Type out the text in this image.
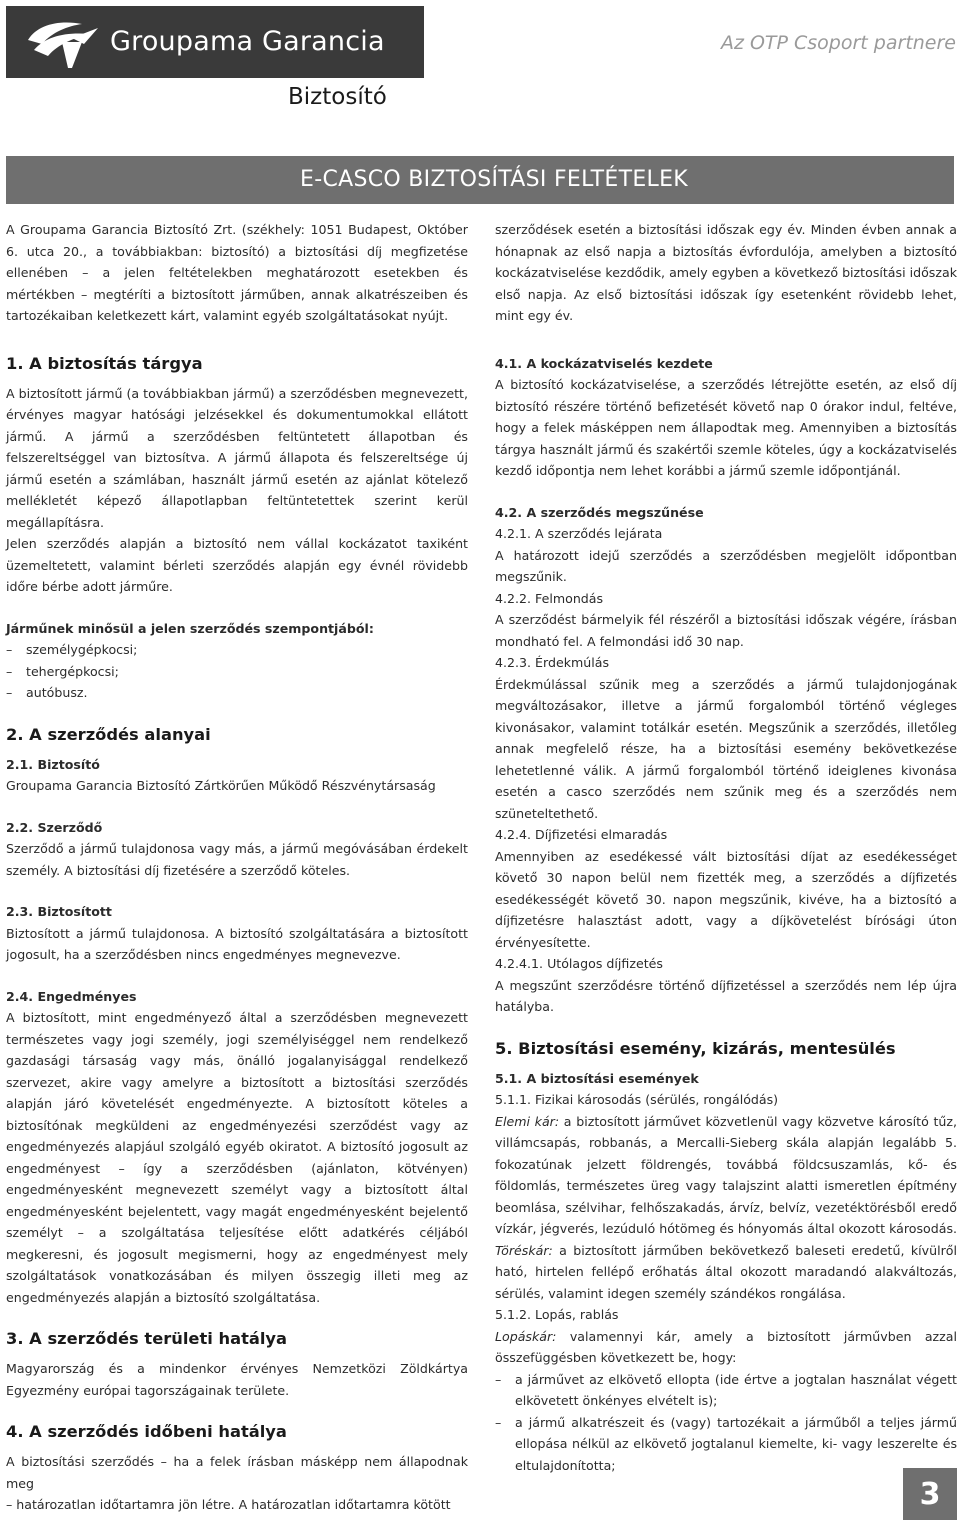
Groupama Garancia	Az OTP Csoport partnere
Biztosító
E-CASCO BIZTOSÍTÁSI FELTÉTELEK

A Groupama Garancia Biztosító Zrt. (székhely: 1051 Budapest, Október 6. utca 20., a továbbiakban: biztosító) a biztosítási díj megfizetése ellenében – a jelen feltételekben meghatározott esetekben és mértékben – megtéríti a biztosított járműben, annak alkatrészeiben és tartozékaiban keletkezett kárt, valamint egyéb szolgáltatásokat nyújt.

1. A biztosítás tárgya

A biztosított jármű (a továbbiakban jármű) a szerződésben megnevezett, érvényes magyar hatósági jelzésekkel és dokumentumokkal ellátott jármű. A jármű a szerződésben feltüntetett állapotban és felszereltséggel van biztosítva. A jármű állapota és felszereltsége új jármű esetén a számlában, használt jármű esetén az ajánlat kötelező mellékletét képező állapotlapban feltüntetettek szerint kerül megállapításra.

Jelen szerződés alapján a biztosító nem vállal kockázatot taxiként üzemeltetett, valamint bérleti szerződés alapján egy évnél rövidebb időre bérbe adott járműre.

Járműnek minősül a jelen szerződés szempontjából:

– személygépkocsi;
– tehergépkocsi;
– autóbusz.
2. A szerződés alanyai

2.1. Biztosító

Groupama Garancia Biztosító Zártkörűen Működő Részvénytársaság

2.2. Szerződő

Szerződő a jármű tulajdonosa vagy más, a jármű megóvásában érdekelt személy. A biztosítási díj fizetésére a szerződő köteles.

2.3. Biztosított

Biztosított a jármű tulajdonosa. A biztosító szolgáltatására a biztosított jogosult, ha a szerződésben nincs engedményes megnevezve.

2.4. Engedményes

A biztosított, mint engedményező által a szerződésben megnevezett természetes vagy jogi személy, jogi személyiséggel nem rendelkező gazdasági társaság vagy más, önálló jogalanyisággal rendelkező szervezet, akire vagy amelyre a biztosított a biztosítási szerződés alapján járó követelését engedményezte. A biztosított köteles a biztosítónak megküldeni az engedményezési szerződést vagy az engedményezés alapjául szolgáló egyéb okiratot. A biztosító jogosult az engedményest – így a szerződésben (ajánlaton, kötvényen) engedményesként megnevezett személyt vagy a biztosított által engedményesként bejelentett, vagy magát engedményesként bejelentő személyt – a szolgáltatása teljesítése előtt adatkérés céljából megkeresni, és jogosult megismerni, hogy az engedményest mely szolgáltatások vonatkozásában és milyen összegig illeti meg az engedményezés alapján a biztosító szolgáltatása.

3. A szerződés területi hatálya

Magyarország és a mindenkor érvényes Nemzetközi Zöldkártya Egyezmény európai tagországainak területe.

4. A szerződés időbeni hatálya

A biztosítási szerződés – ha a felek írásban másképp nem állapodnak meg

– határozatlan időtartamra jön létre. A határozatlan időtartamra kötött

szerződések esetén a biztosítási időszak egy év. Minden évben annak a hónapnak az első napja a biztosítás évfordulója, amelyben a biztosító kockázatviselése kezdődik, amely egyben a következő biztosítási időszak első napja. Az első biztosítási időszak így esetenként rövidebb lehet, mint egy év.

4.1. A kockázatviselés kezdete

A biztosító kockázatviselése, a szerződés létrejötte esetén, az első díj biztosító részére történő befizetését követő nap 0 órakor indul, feltéve, hogy a felek másképpen nem állapodtak meg. Amennyiben a biztosítás tárgya használt jármű és szakértői szemle köteles, úgy a kockázatviselés kezdő időpontja nem lehet korábbi a jármű szemle időpontjánál.

4.2. A szerződés megszűnése

4.2.1. A szerződés lejárata

A határozott idejű szerződés a szerződésben megjelölt időpontban megszűnik.

4.2.2. Felmondás

A szerződést bármelyik fél részéről a biztosítási időszak végére, írásban mondható fel. A felmondási idő 30 nap.

4.2.3. Érdekmúlás

Érdekmúlással szűnik meg a szerződés a jármű tulajdonjogának megváltozásakor, illetve a jármű forgalomból történő végleges kivonásakor, valamint totálkár esetén. Megszűnik a szerződés, illetőleg annak megfelelő része, ha a biztosítási esemény bekövetkezése lehetetlenné válik. A jármű forgalomból történő ideiglenes kivonása esetén a casco szerződés nem szűnik meg és a szerződés nem szüneteltethető.

4.2.4. Díjfizetési elmaradás

Amennyiben az esedékessé vált biztosítási díjat az esedékességet követő 30 napon belül nem fizették meg, a szerződés a díjfizetés esedékességét követő 30. napon megszűnik, kivéve, ha a biztosító a díjfizetésre halasztást adott, vagy a díjkövetelést bírósági úton érvényesítette.

4.2.4.1. Utólagos díjfizetés

A megszűnt szerződésre történő díjfizetéssel a szerződés nem lép újra hatályba.

5. Biztosítási esemény, kizárás, mentesülés

5.1. A biztosítási események

5.1.1. Fizikai károsodás (sérülés, rongálódás)

Elemi kár: a biztosított járművet közvetlenül vagy közvetve károsító tűz, villámcsapás, robbanás, a Mercalli-Sieberg skála alapján legalább 5. fokozatúnak jelzett földrengés, továbbá földcsuszamlás, kő- és földomlás, természetes üreg vagy talajszint alatti ismeretlen építmény beomlása, szélvihar, felhőszakadás, árvíz, belvíz, vezetéktörésből eredő vízkár, jégverés, lezúduló hótömeg és hónyomás által okozott károsodás.

Töréskár: a biztosított járműben bekövetkező baleseti eredetű, kívülről ható, hirtelen fellépő erőhatás által okozott maradandó alakváltozás, sérülés, valamint idegen személy szándékos rongálása.

5.1.2. Lopás, rablás

Lopáskár: valamennyi kár, amely a biztosított járművben azzal összefüggésben következett be, hogy:

– a járművet az elkövető ellopta (ide értve a jogtalan használat végett elkövetett önkényes elvételt is);
– a jármű alkatrészeit és (vagy) tartozékait a járműből a teljes jármű ellopása nélkül az elkövető jogtalanul kiemelte, ki- vagy leszerelte és eltulajdonította;
3
